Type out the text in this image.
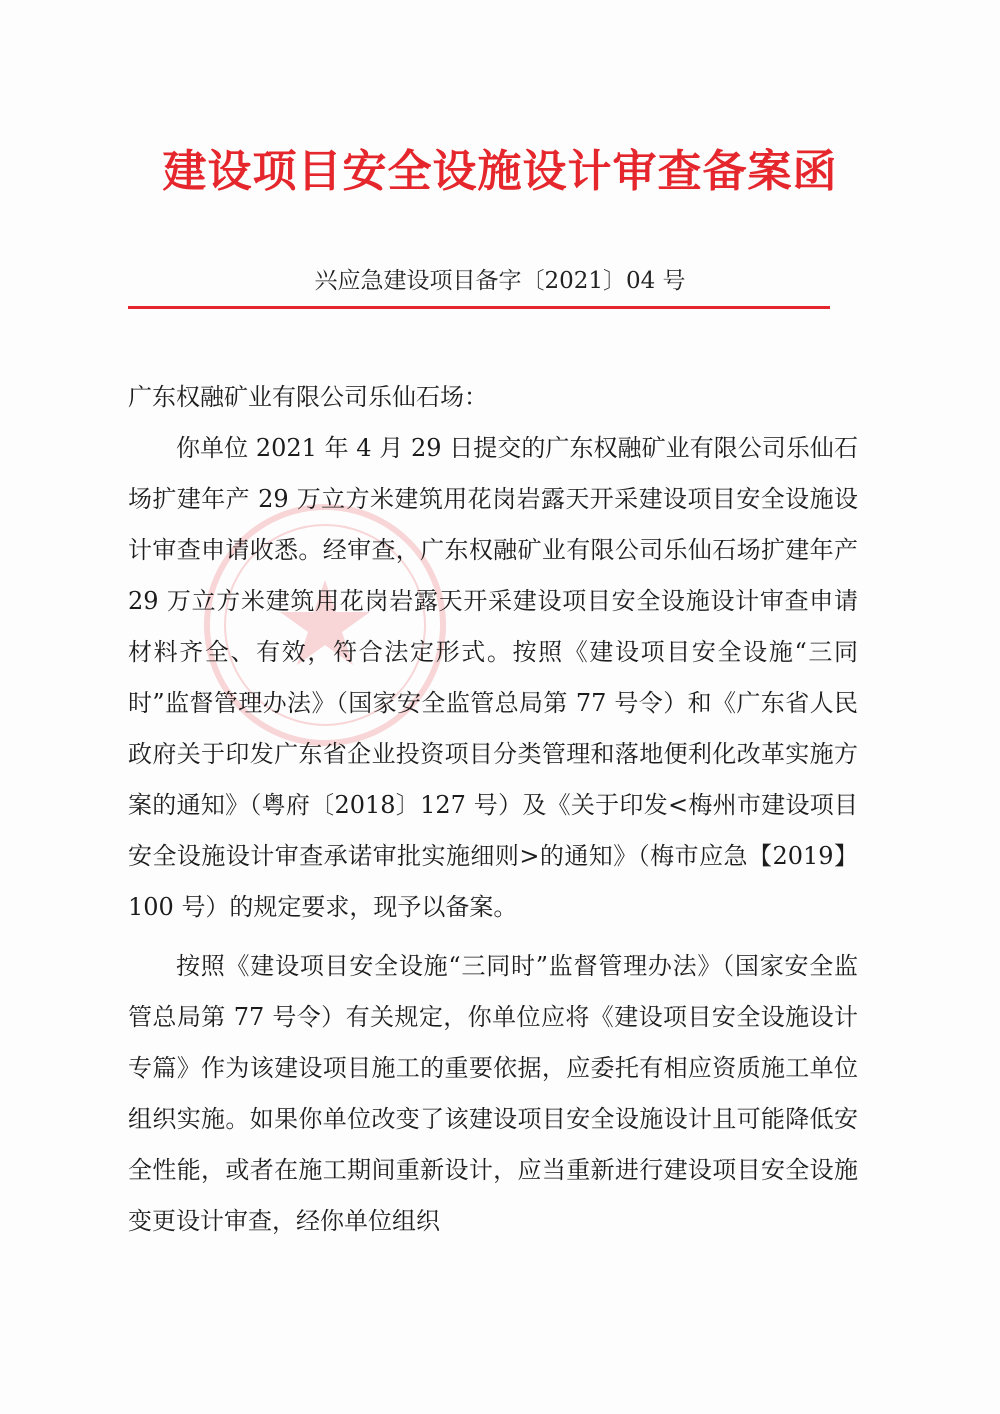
建设项目安全设施设计审查备案函
兴应急建设项目备字〔2021〕04 号

广东权融矿业有限公司乐仙石场：

你单位 2021 年 4 月 29 日提交的广东权融矿业有限公司乐仙石场扩建年产 29 万立方米建筑用花岗岩露天开采建设项目安全设施设计审查申请收悉。经审查，广东权融矿业有限公司乐仙石场扩建年产 29 万立方米建筑用花岗岩露天开采建设项目安全设施设计审查申请材料齐全、有效，符合法定形式。按照《建设项目安全设施“三同时”监督管理办法》（国家安全监管总局第 77 号令）和《广东省人民政府关于印发广东省企业投资项目分类管理和落地便利化改革实施方案的通知》（粤府〔2018〕127 号）及《关于印发<梅州市建设项目安全设施设计审查承诺审批实施细则>的通知》（梅市应急【2019】100 号）的规定要求，现予以备案。

按照《建设项目安全设施“三同时”监督管理办法》（国家安全监管总局第 77 号令）有关规定，你单位应将《建设项目安全设施设计专篇》作为该建设项目施工的重要依据，应委托有相应资质施工单位组织实施。如果你单位改变了该建设项目安全设施设计且可能降低安全性能，或者在施工期间重新设计，应当重新进行建设项目安全设施变更设计审查，经你单位组织
